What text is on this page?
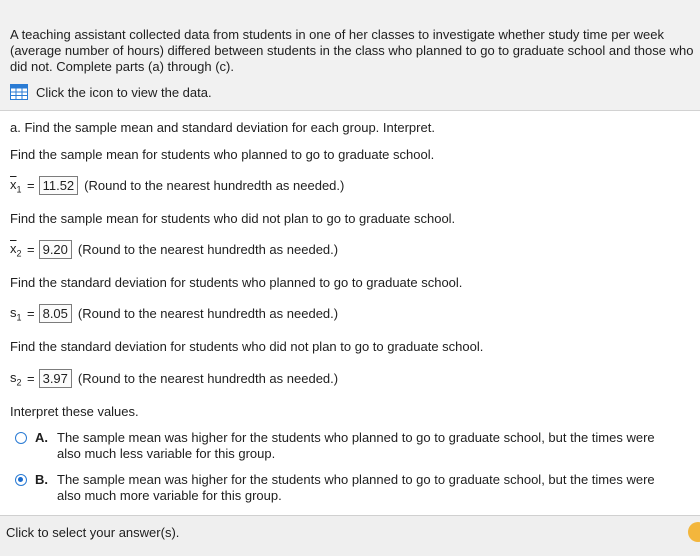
A teaching assistant collected data from students in one of her classes to investigate whether study time per week
(average number of hours) differed between students in the class who planned to go to graduate school and those who
did not. Complete parts (a) through (c).
Click the icon to view the data.
a. Find the sample mean and standard deviation for each group. Interpret.
Find the sample mean for students who planned to go to graduate school.
$\overline{x}_1 = 11.52$ (Round to the nearest hundredth as needed.)
Find the sample mean for students who did not plan to go to graduate school.
$\overline{x}_2 = 9.20$ (Round to the nearest hundredth as needed.)
Find the standard deviation for students who planned to go to graduate school.
$s_1 = 8.05$ (Round to the nearest hundredth as needed.)
Find the standard deviation for students who did not plan to go to graduate school.
$s_2 = 3.97$ (Round to the nearest hundredth as needed.)
Interpret these values.
A. The sample mean was higher for the students who planned to go to graduate school, but the times were also much less variable for this group.
B. The sample mean was higher for the students who planned to go to graduate school, but the times were also much more variable for this group.
Click to select your answer(s).
